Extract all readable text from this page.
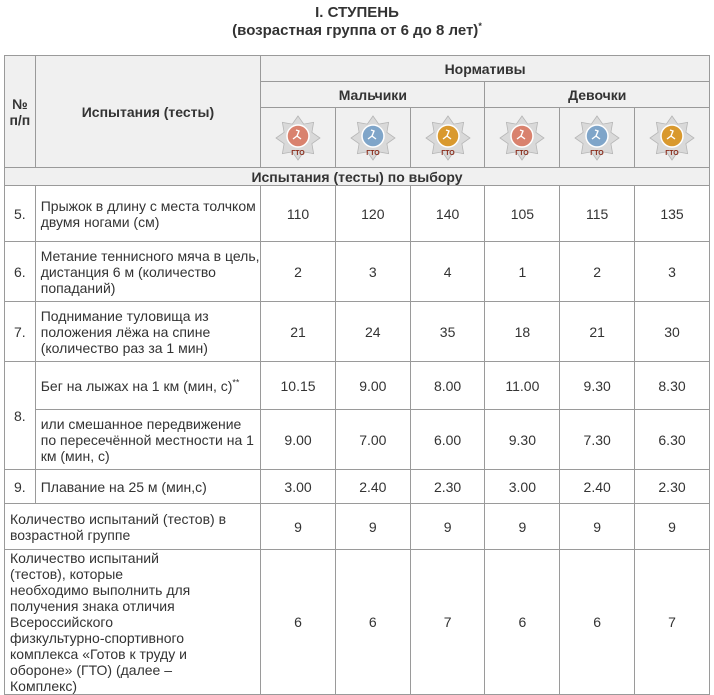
I. СТУПЕНЬ
(возрастная группа от 6 до 8 лет)*
№ п/п	Испытания (тесты)	Нормативы					
		Мальчики			Девочки		

ГТО	ГТО	ГТО	ГТО	ГТО	ГТО

Испытания (тесты) по выбору							
5.	Прыжок в длину с места толчком двумя ногами (см)	110	120	140	105	115	135
6.	Метание теннисного мяча в цель, дистанция 6 м (количество попаданий)	2	3	4	1	2	3
7.	Поднимание туловища из положения лёжа на спине (количество раз за 1 мин)	21	24	35	18	21	30
8.	Бег на лыжах на 1 км (мин, с)**	10.15	9.00	8.00	11.00	9.30	8.30
	или смешанное передвижение по пересечённой местности на 1 км (мин, с)	9.00	7.00	6.00	9.30	7.30	6.30
9.	Плавание на 25 м (мин,с)	3.00	2.40	2.30	3.00	2.40	2.30
Количество испытаний (тестов) в возрастной группе		9	9	9	9	9	9
Количество испытаний (тестов), которые необходимо выполнить для получения знака отличия Всероссийского физкультурно-спортивного комплекса «Готов к труду и обороне» (ГТО) (далее – Комплекс)		6	6	7	6	6	7
